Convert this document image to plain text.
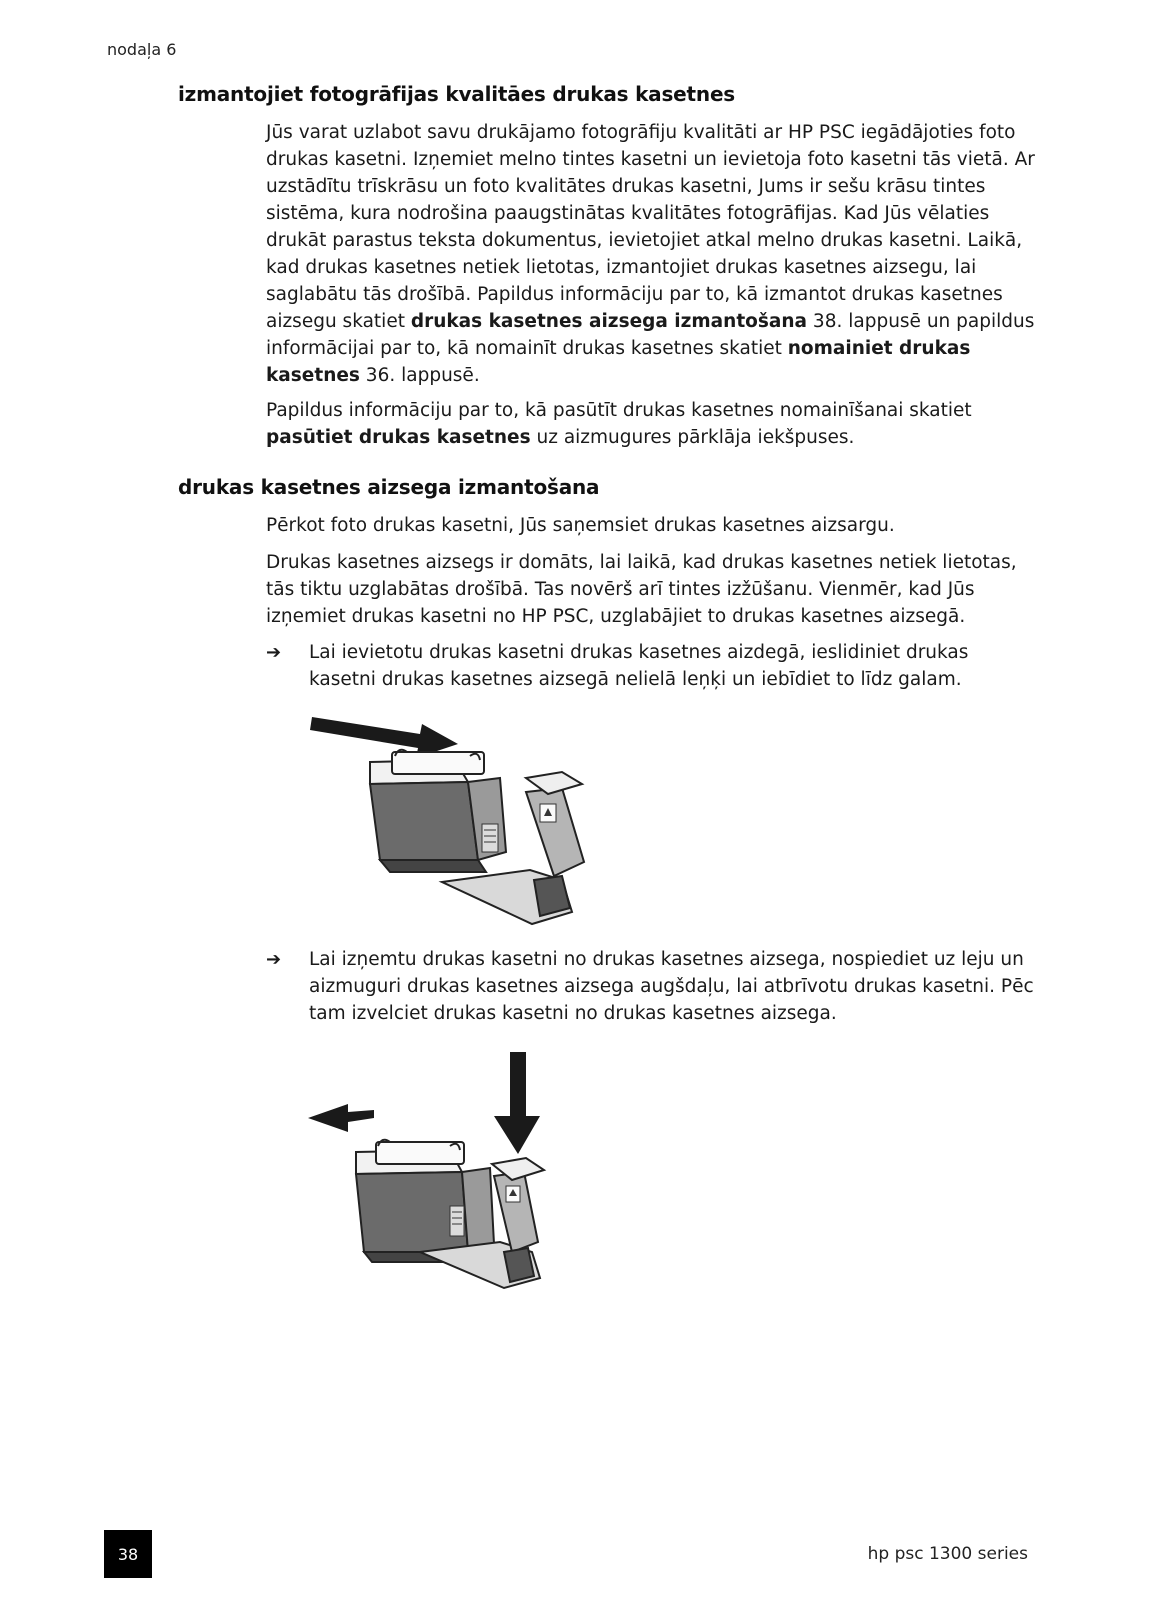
nodaļa 6
izmantojiet fotogrāfijas kvalitāes drukas kasetnes

Jūs varat uzlabot savu drukājamo fotogrāfiju kvalitāti ar HP PSC iegādājoties foto drukas kasetni. Izņemiet melno tintes kasetni un ievietoja foto kasetni tās vietā. Ar uzstādītu trīskrāsu un foto kvalitātes drukas kasetni, Jums ir sešu krāsu tintes sistēma, kura nodrošina paaugstinātas kvalitātes fotogrāfijas. Kad Jūs vēlaties drukāt parastus teksta dokumentus, ievietojiet atkal melno drukas kasetni. Laikā, kad drukas kasetnes netiek lietotas, izmantojiet drukas kasetnes aizsegu, lai saglabātu tās drošībā. Papildus informāciju par to, kā izmantot drukas kasetnes aizsegu skatiet drukas kasetnes aizsega izmantošana 38. lappusē un papildus informācijai par to, kā nomainīt drukas kasetnes skatiet nomainiet drukas kasetnes 36. lappusē.

Papildus informāciju par to, kā pasūtīt drukas kasetnes nomainīšanai skatiet pasūtiet drukas kasetnes uz aizmugures pārklāja iekšpuses.

drukas kasetnes aizsega izmantošana

Pērkot foto drukas kasetni, Jūs saņemsiet drukas kasetnes aizsargu.

Drukas kasetnes aizsegs ir domāts, lai laikā, kad drukas kasetnes netiek lietotas, tās tiktu uzglabātas drošībā. Tas novērš arī tintes izžūšanu. Vienmēr, kad Jūs izņemiet drukas kasetni no HP PSC, uzglabājiet to drukas kasetnes aizsegā.

➔ Lai ievietotu drukas kasetni drukas kasetnes aizdegā, ieslidiniet drukas kasetni drukas kasetnes aizsegā nelielā leņķi un iebīdiet to līdz galam.
➔ Lai izņemtu drukas kasetni no drukas kasetnes aizsega, nospiediet uz leju un aizmuguri drukas kasetnes aizsega augšdaļu, lai atbrīvotu drukas kasetni. Pēc tam izvelciet drukas kasetni no drukas kasetnes aizsega.
38	hp psc 1300 series
